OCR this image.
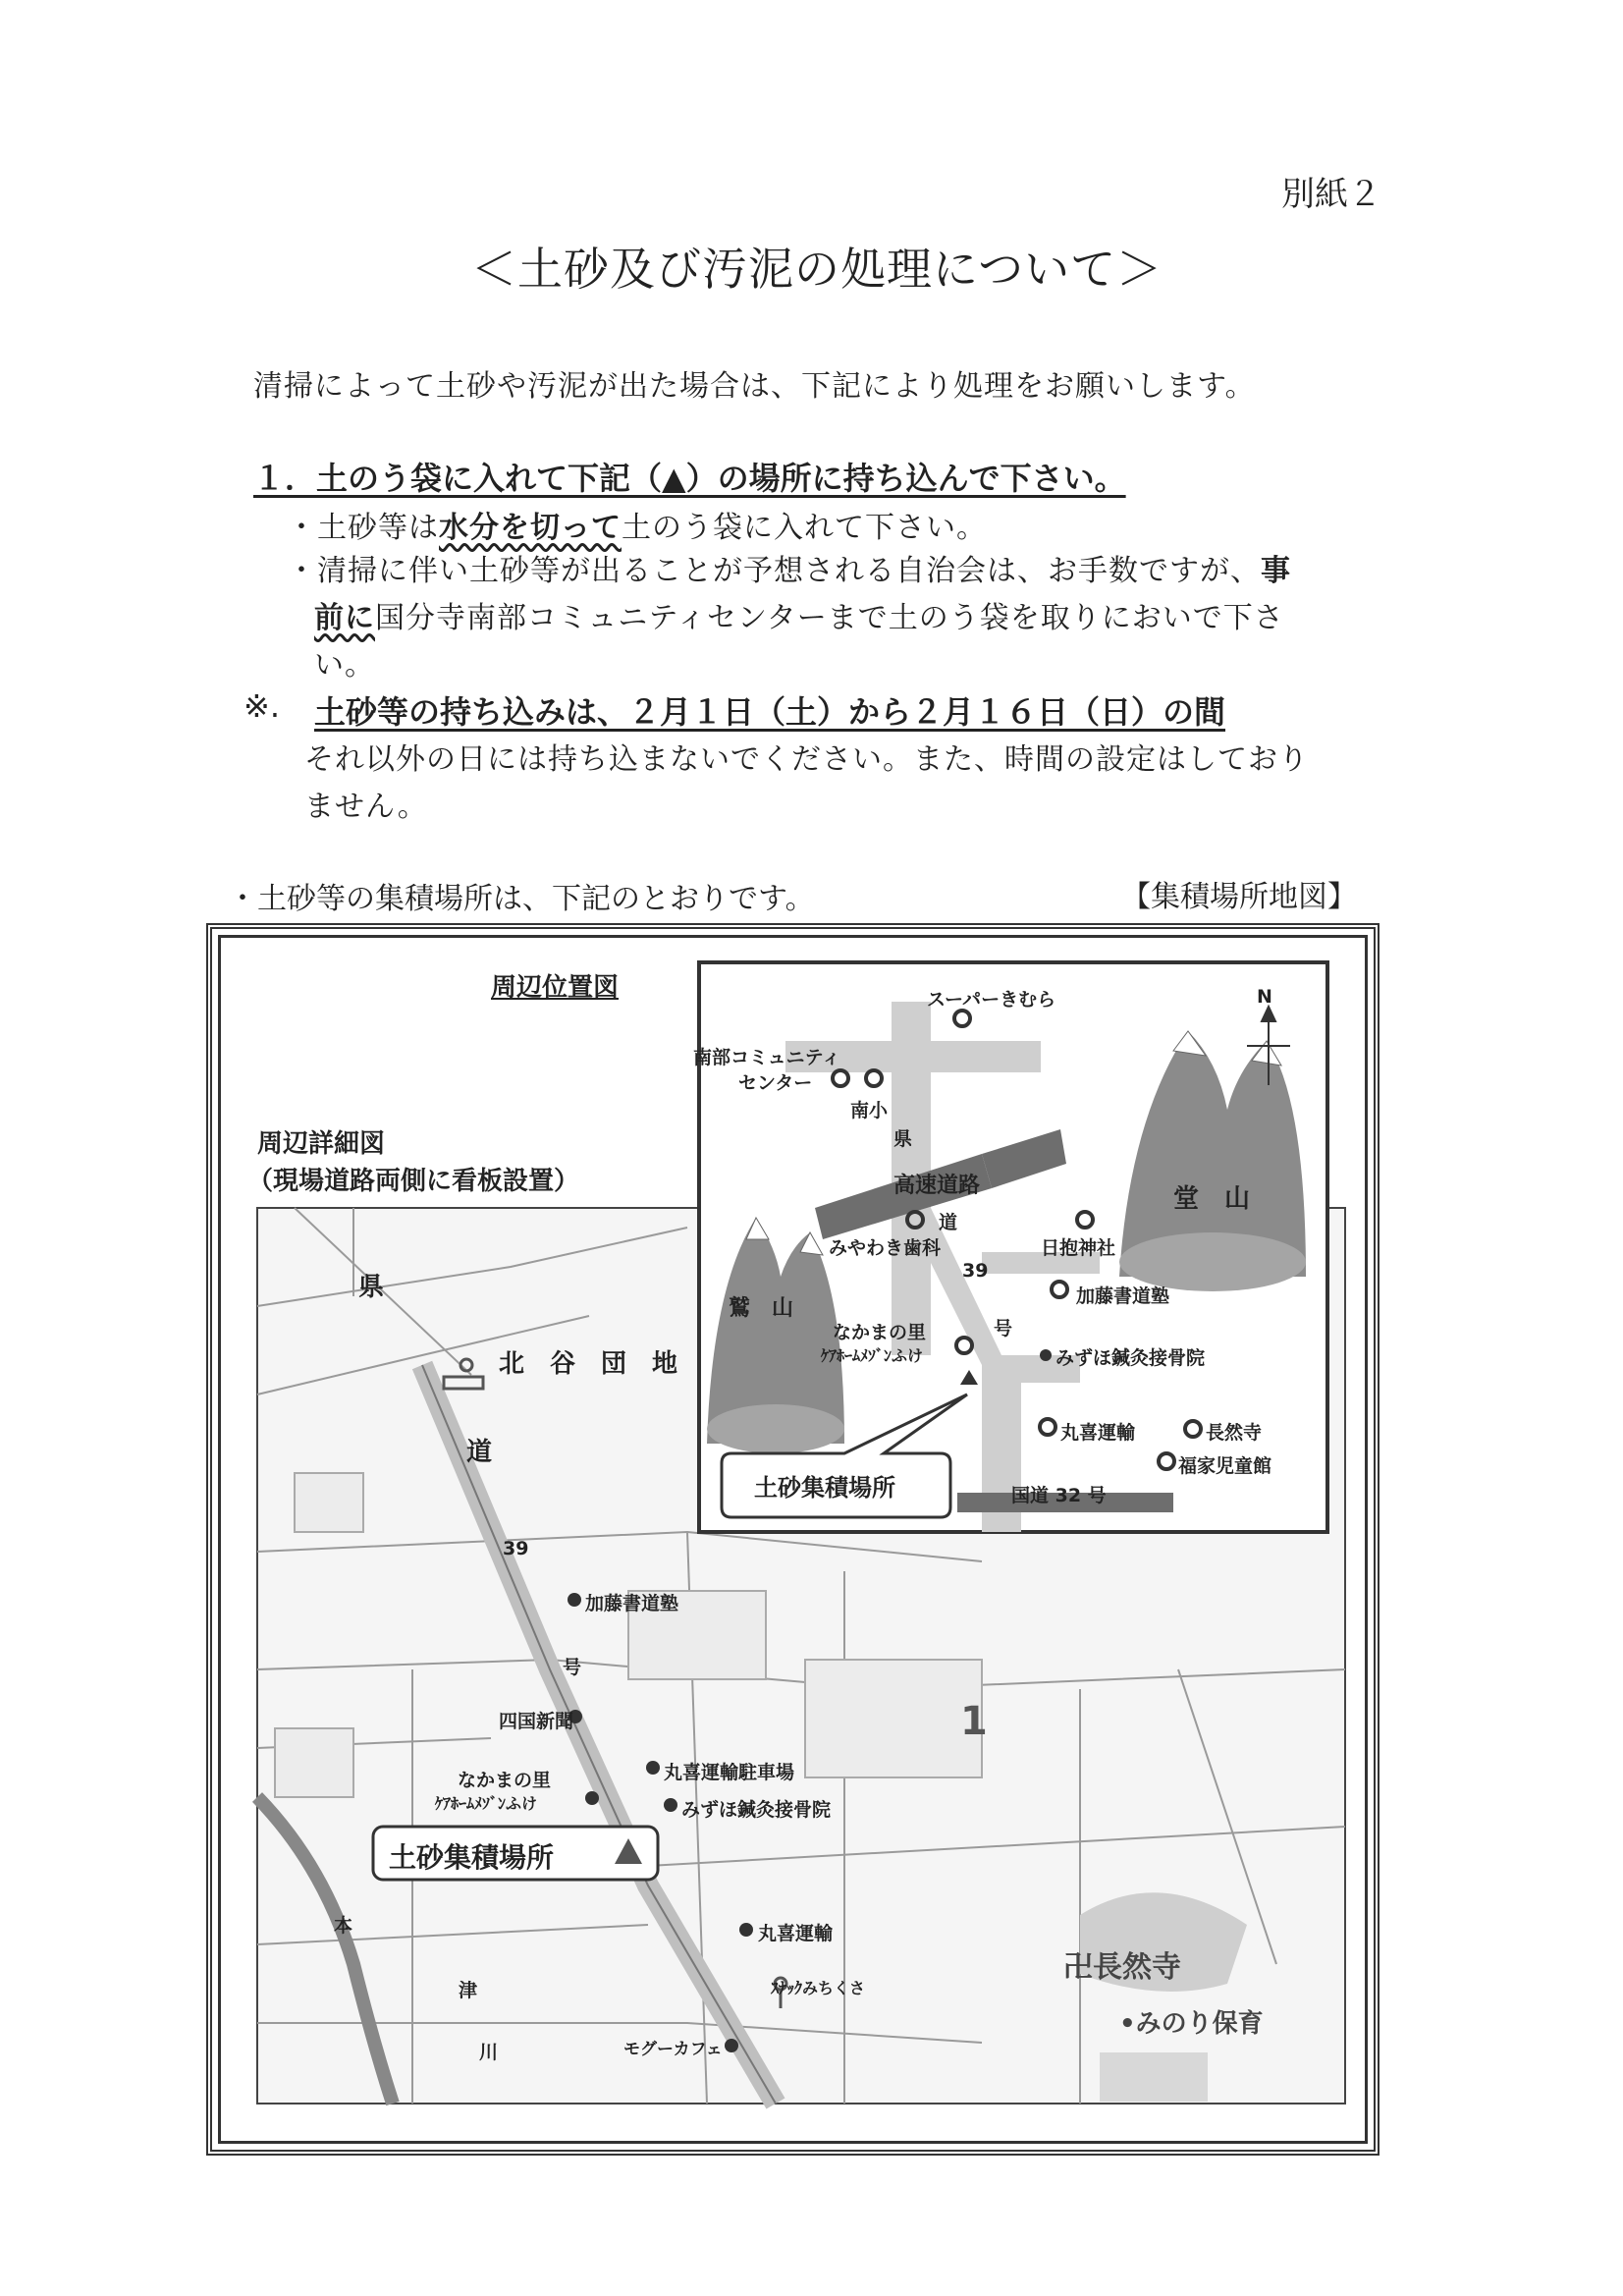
別紙２
＜土砂及び汚泥の処理について＞
清掃によって土砂や汚泥が出た場合は、下記により処理をお願いします。
１．土のう袋に入れて下記（▲）の場所に持ち込んで下さい。
・土砂等は水分を切って土のう袋に入れて下さい。
・清掃に伴い土砂等が出ることが予想される自治会は、お手数ですが、事
前に国分寺南部コミュニティセンターまで土のう袋を取りにおいで下さ
い。
※. 土砂等の持ち込みは、２月１日（土）から２月１６日（日）の間
それ以外の日には持ち込まないでください。また、時間の設定はしており
ません。
・土砂等の集積場所は、下記のとおりです。	【集積場所地図】
周辺位置図
周辺詳細図
（現場道路両側に看板設置）
スーパーきむら
南部コミュニティ
センター
南小
県
高速道路
道
みやわき歯科	日抱神社
39
加藤書道塾
号
なかまの里
ｹｱﾎｰﾑﾒｿﾞﾝふけ	みずほ鍼灸接骨院
丸喜運輸	長然寺
福家児童館
国道 32 号
土砂集積場所
鷲　山
堂　山
N
県
北　谷　団　地
道
39
加藤書道塾
号
四国新聞
丸喜運輸駐車場
なかまの里
ｹｱﾎｰﾑﾒｿﾞﾝふけ	みずほ鍼灸接骨院
土砂集積場所
本	丸喜運輸
津	ｽﾅｯｸみちくさ
川	モグーカフェ
卍長然寺
•みのり保育
1
